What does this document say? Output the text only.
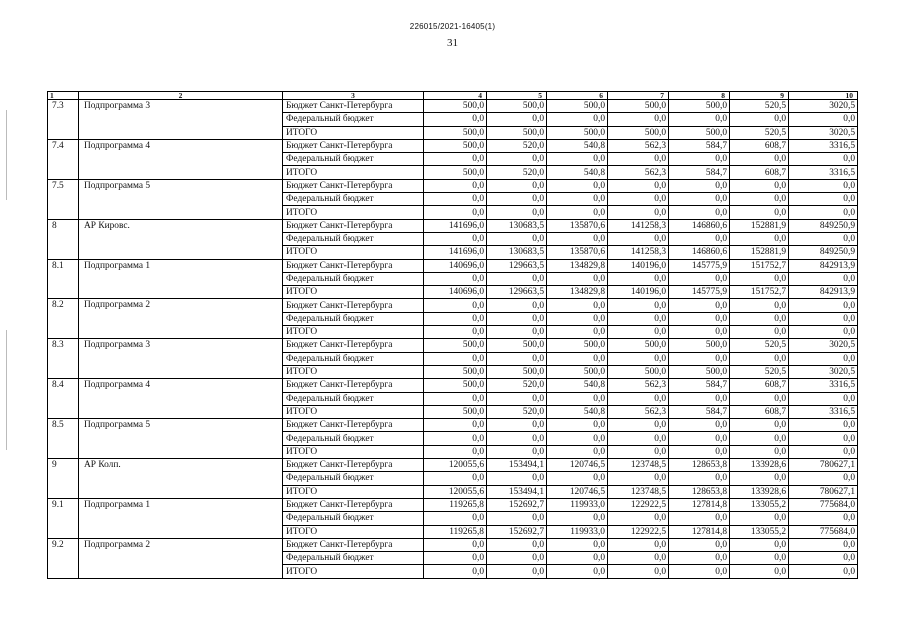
226015/2021-16405(1)
31
1	2	3	4	5	6	7	8	9	10
7.3	Подпрограмма 3	Бюджет Санкт-Петербурга	500,0	500,0	500,0	500,0	500,0	520,5	3020,5
		Федеральный бюджет	0,0	0,0	0,0	0,0	0,0	0,0	0,0
		ИТОГО	500,0	500,0	500,0	500,0	500,0	520,5	3020,5
7.4	Подпрограмма 4	Бюджет Санкт-Петербурга	500,0	520,0	540,8	562,3	584,7	608,7	3316,5
		Федеральный бюджет	0,0	0,0	0,0	0,0	0,0	0,0	0,0
		ИТОГО	500,0	520,0	540,8	562,3	584,7	608,7	3316,5
7.5	Подпрограмма 5	Бюджет Санкт-Петербурга	0,0	0,0	0,0	0,0	0,0	0,0	0,0
		Федеральный бюджет	0,0	0,0	0,0	0,0	0,0	0,0	0,0
		ИТОГО	0,0	0,0	0,0	0,0	0,0	0,0	0,0
8	АР Кировс.	Бюджет Санкт-Петербурга	141696,0	130683,5	135870,6	141258,3	146860,6	152881,9	849250,9
		Федеральный бюджет	0,0	0,0	0,0	0,0	0,0	0,0	0,0
		ИТОГО	141696,0	130683,5	135870,6	141258,3	146860,6	152881,9	849250,9
8.1	Подпрограмма 1	Бюджет Санкт-Петербурга	140696,0	129663,5	134829,8	140196,0	145775,9	151752,7	842913,9
		Федеральный бюджет	0,0	0,0	0,0	0,0	0,0	0,0	0,0
		ИТОГО	140696,0	129663,5	134829,8	140196,0	145775,9	151752,7	842913,9
8.2	Подпрограмма 2	Бюджет Санкт-Петербурга	0,0	0,0	0,0	0,0	0,0	0,0	0,0
		Федеральный бюджет	0,0	0,0	0,0	0,0	0,0	0,0	0,0
		ИТОГО	0,0	0,0	0,0	0,0	0,0	0,0	0,0
8.3	Подпрограмма 3	Бюджет Санкт-Петербурга	500,0	500,0	500,0	500,0	500,0	520,5	3020,5
		Федеральный бюджет	0,0	0,0	0,0	0,0	0,0	0,0	0,0
		ИТОГО	500,0	500,0	500,0	500,0	500,0	520,5	3020,5
8.4	Подпрограмма 4	Бюджет Санкт-Петербурга	500,0	520,0	540,8	562,3	584,7	608,7	3316,5
		Федеральный бюджет	0,0	0,0	0,0	0,0	0,0	0,0	0,0
		ИТОГО	500,0	520,0	540,8	562,3	584,7	608,7	3316,5
8.5	Подпрограмма 5	Бюджет Санкт-Петербурга	0,0	0,0	0,0	0,0	0,0	0,0	0,0
		Федеральный бюджет	0,0	0,0	0,0	0,0	0,0	0,0	0,0
		ИТОГО	0,0	0,0	0,0	0,0	0,0	0,0	0,0
9	АР Колп.	Бюджет Санкт-Петербурга	120055,6	153494,1	120746,5	123748,5	128653,8	133928,6	780627,1
		Федеральный бюджет	0,0	0,0	0,0	0,0	0,0	0,0	0,0
		ИТОГО	120055,6	153494,1	120746,5	123748,5	128653,8	133928,6	780627,1
9.1	Подпрограмма 1	Бюджет Санкт-Петербурга	119265,8	152692,7	119933,0	122922,5	127814,8	133055,2	775684,0
		Федеральный бюджет	0,0	0,0	0,0	0,0	0,0	0,0	0,0
		ИТОГО	119265,8	152692,7	119933,0	122922,5	127814,8	133055,2	775684,0
9.2	Подпрограмма 2	Бюджет Санкт-Петербурга	0,0	0,0	0,0	0,0	0,0	0,0	0,0
		Федеральный бюджет	0,0	0,0	0,0	0,0	0,0	0,0	0,0
		ИТОГО	0,0	0,0	0,0	0,0	0,0	0,0	0,0
